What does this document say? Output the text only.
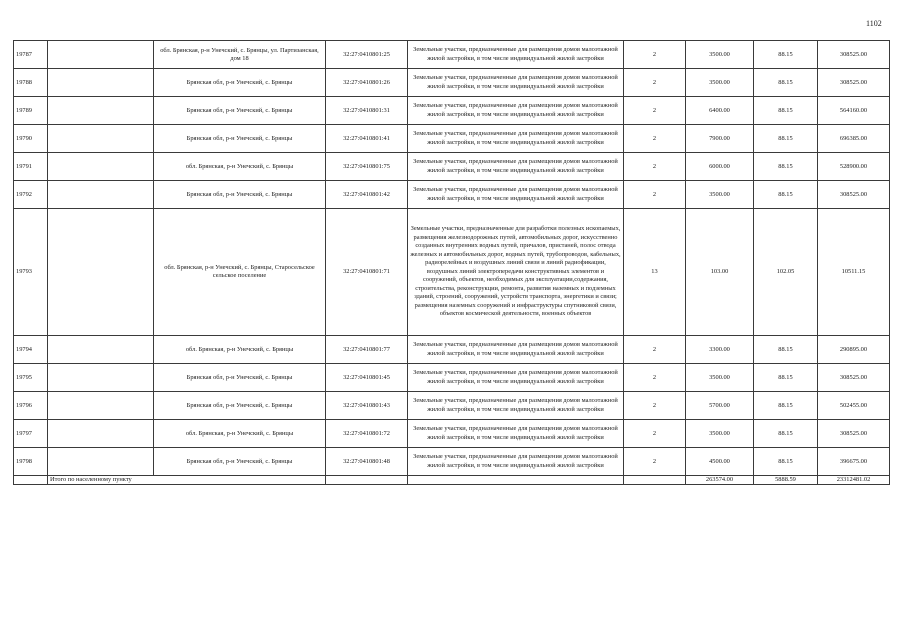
1102
19787		обл. Брянская, р-н Унечский, с. Брянцы, ул. Партизанская, дом 18	32:27:0410801:25	Земельные участки, предназначенные для размещения домов малоэтажной жилой застройки, в том числе индивидуальной жилой застройки	2	3500.00	88.15	308525.00
19788		Брянская обл, р-н Унечский, с. Брянцы	32:27:0410801:26	Земельные участки, предназначенные для размещения домов малоэтажной жилой застройки, в том числе индивидуальной жилой застройки	2	3500.00	88.15	308525.00
19789		Брянская обл, р-н Унечский, с. Брянцы	32:27:0410801:31	Земельные участки, предназначенные для размещения домов малоэтажной жилой застройки, в том числе индивидуальной жилой застройки	2	6400.00	88.15	564160.00
19790		Брянская обл, р-н Унечский, с. Брянцы	32:27:0410801:41	Земельные участки, предназначенные для размещения домов малоэтажной жилой застройки, в том числе индивидуальной жилой застройки	2	7900.00	88.15	696385.00
19791		обл. Брянская, р-н Унечский, с. Брянцы	32:27:0410801:75	Земельные участки, предназначенные для размещения домов малоэтажной жилой застройки, в том числе индивидуальной жилой застройки	2	6000.00	88.15	528900.00
19792		Брянская обл, р-н Унечский, с. Брянцы	32:27:0410801:42	Земельные участки, предназначенные для размещения домов малоэтажной жилой застройки, в том числе индивидуальной жилой застройки	2	3500.00	88.15	308525.00
19793		обл. Брянская, р-н Унечский, с. Брянцы, Старосельское сельское поселение	32:27:0410801:71	Земельные участки, предназначенные для разработки полезных ископаемых, размещения железнодорожных путей, автомобильных дорог, искусственно созданных внутренних водных путей, причалов, пристаней, полос отвода железных и автомобильных дорог, водных путей, трубопроводов, кабельных, радиорелейных и воздушных линий связи и линий радиофикации, воздушных линий электропередачи конструктивных элементов и сооружений, объектов, необходимых для эксплуатации,содержания, строительства, реконструкции, ремонта, развития наземных и подземных зданий, строений, сооружений, устройств транспорта, энергетики и связи; размещения наземных сооружений и инфраструктуры спутниковой связи, объектов космической деятельности, военных объектов	13	103.00	102.05	10511.15
19794		обл. Брянская, р-н Унечский, с. Брянцы	32:27:0410801:77	Земельные участки, предназначенные для размещения домов малоэтажной жилой застройки, в том числе индивидуальной жилой застройки	2	3300.00	88.15	290895.00
19795		Брянская обл, р-н Унечский, с. Брянцы	32:27:0410801:45	Земельные участки, предназначенные для размещения домов малоэтажной жилой застройки, в том числе индивидуальной жилой застройки	2	3500.00	88.15	308525.00
19796		Брянская обл, р-н Унечский, с. Брянцы	32:27:0410801:43	Земельные участки, предназначенные для размещения домов малоэтажной жилой застройки, в том числе индивидуальной жилой застройки	2	5700.00	88.15	502455.00
19797		обл. Брянская, р-н Унечский, с. Брянцы	32:27:0410801:72	Земельные участки, предназначенные для размещения домов малоэтажной жилой застройки, в том числе индивидуальной жилой застройки	2	3500.00	88.15	308525.00
19798		Брянская обл, р-н Унечский, с. Брянцы	32:27:0410801:48	Земельные участки, предназначенные для размещения домов малоэтажной жилой застройки, в том числе индивидуальной жилой застройки	2	4500.00	88.15	396675.00
	Итого по населенному пункту					263574.00	5888.59	23312481.02
